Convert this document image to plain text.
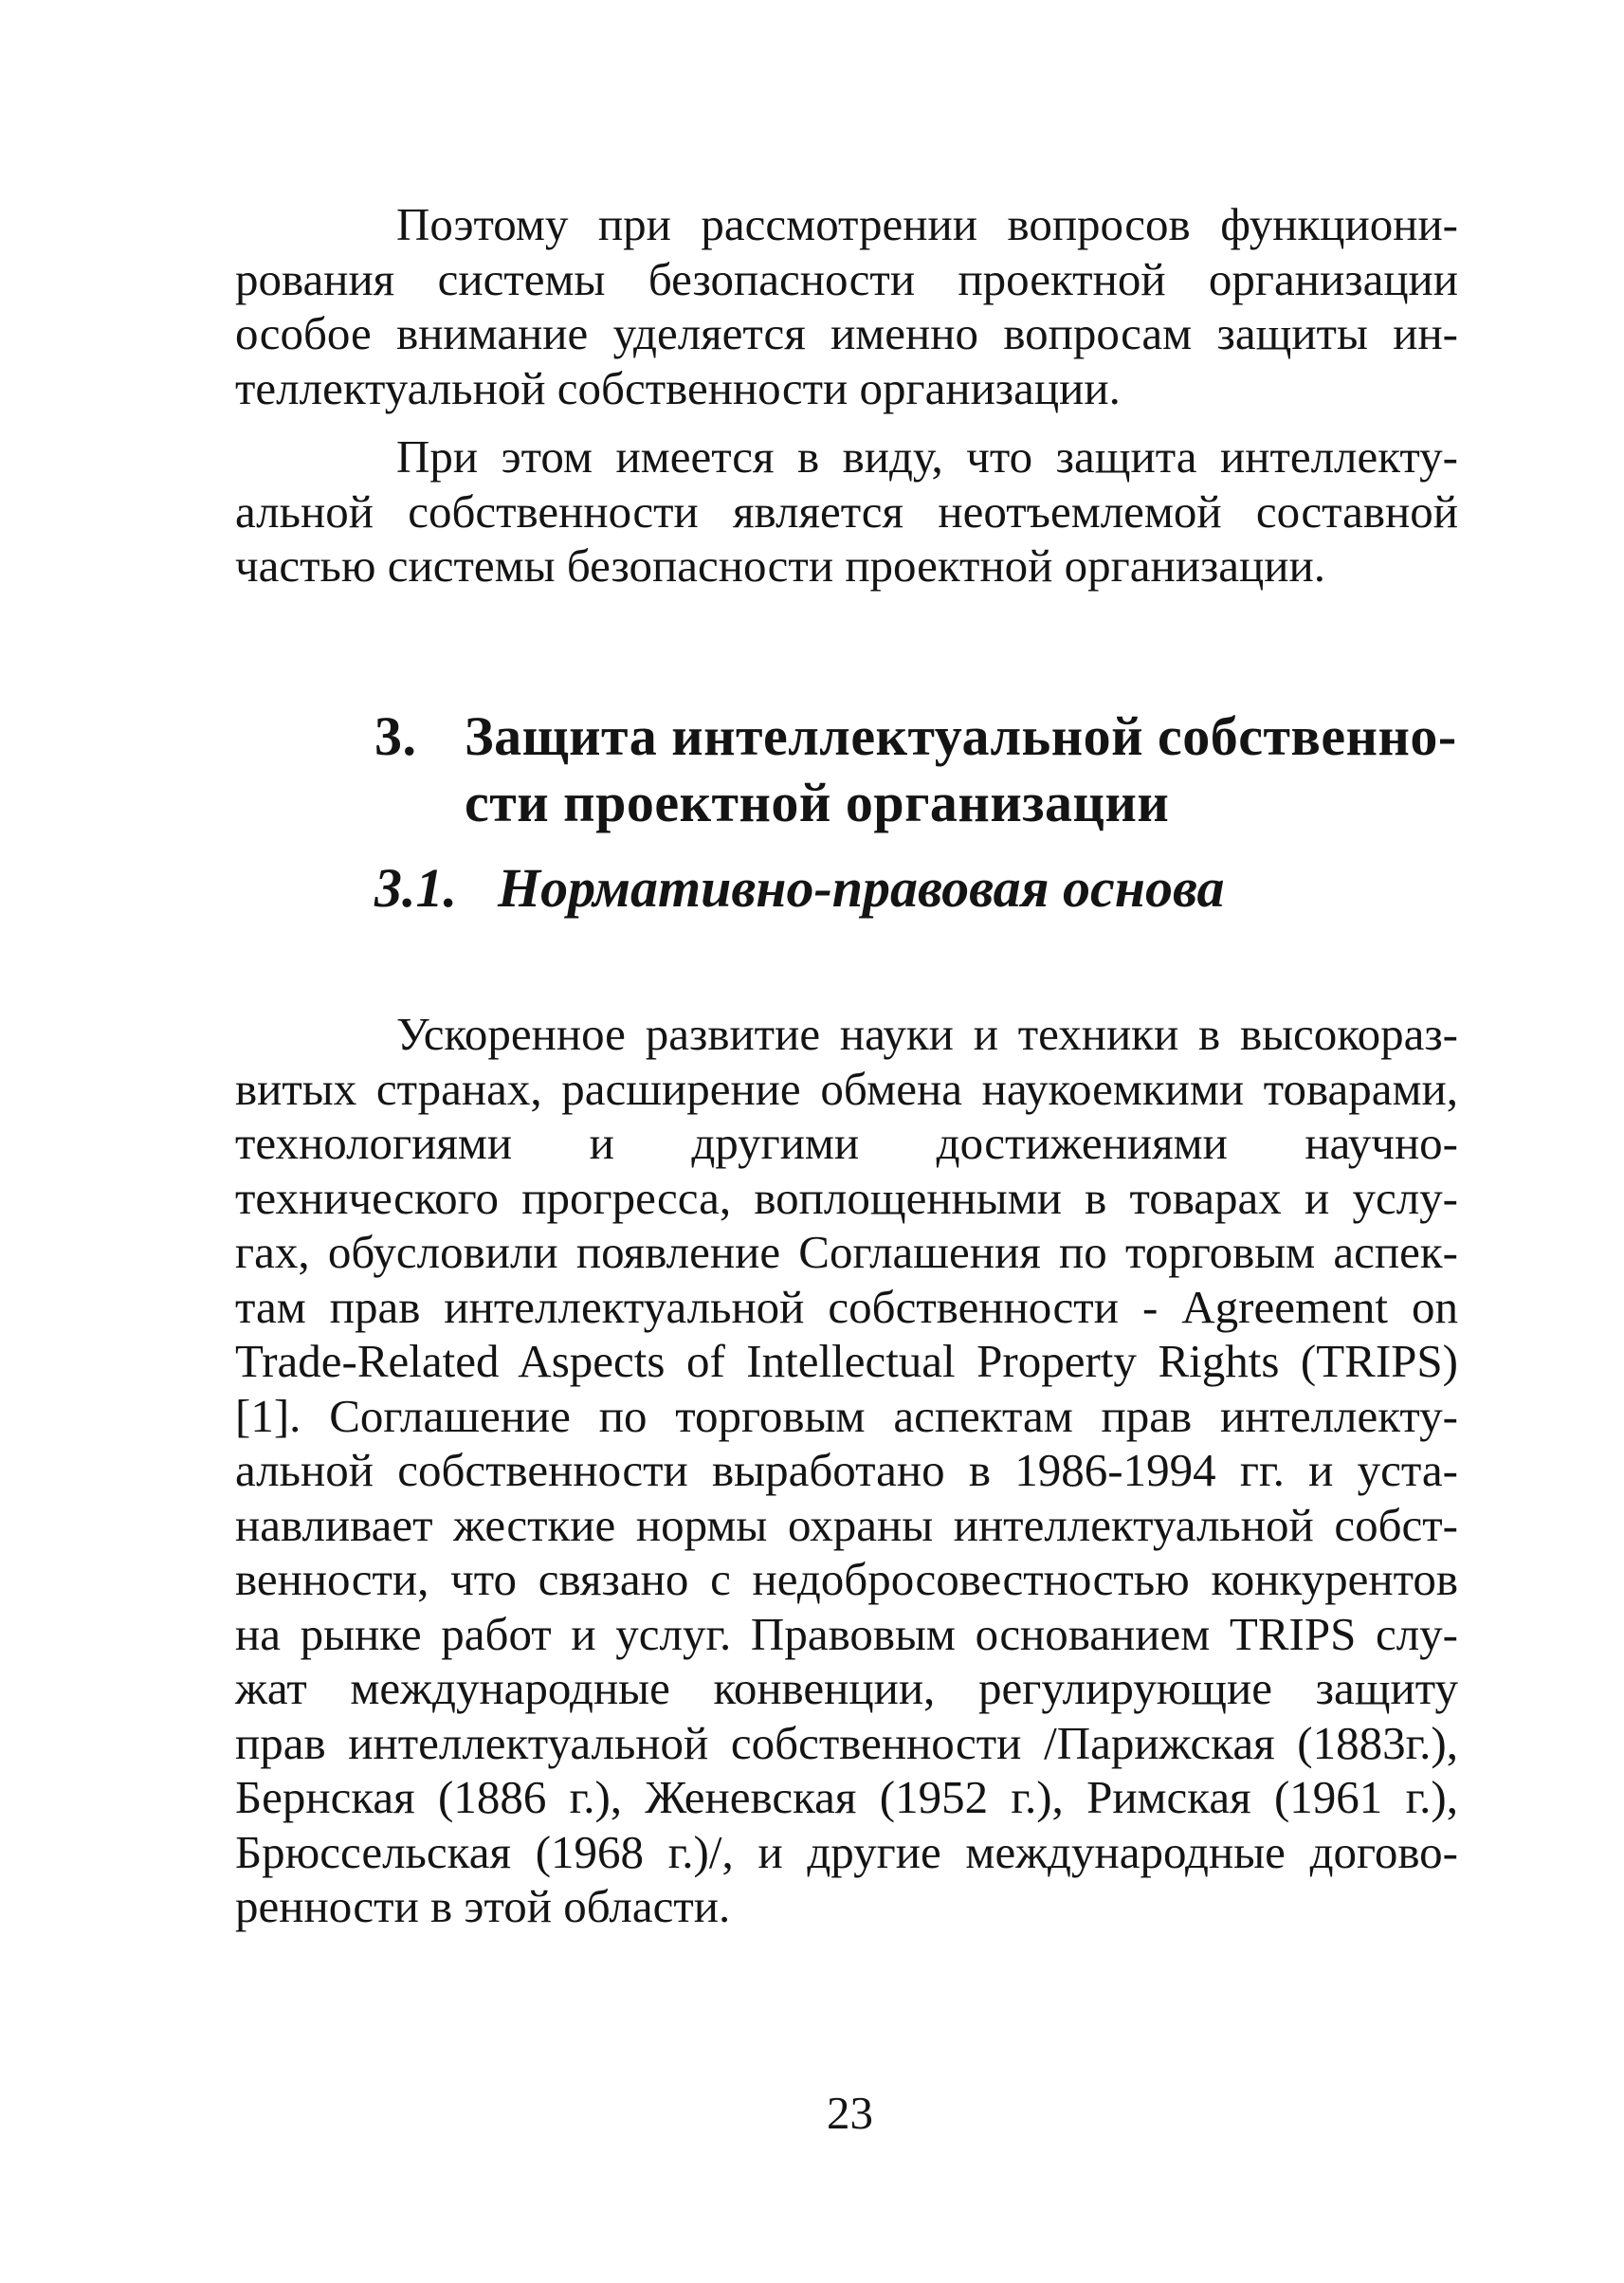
Поэтому при рассмотрении вопросов функциони-
рования системы безопасности проектной организации
особое внимание уделяется именно вопросам защиты ин-
теллектуальной собственности организации.
При этом имеется в виду, что защита интеллекту-
альной собственности является неотъемлемой составной
частью системы безопасности проектной организации.
3. Защита интеллектуальной собственно-
сти проектной организации
3.1. Нормативно-правовая основа
Ускоренное развитие науки и техники в высокораз-
витых странах, расширение обмена наукоемкими товарами,
технологиями и другими достижениями научно-
технического прогресса, воплощенными в товарах и услу-
гах, обусловили появление Соглашения по торговым аспек-
там прав интеллектуальной собственности - Agreement on
Trade-Related Aspects of Intellectual Property Rights (TRIPS)
[1]. Соглашение по торговым аспектам прав интеллекту-
альной собственности выработано в 1986-1994 гг. и уста-
навливает жесткие нормы охраны интеллектуальной собст-
венности, что связано с недобросовестностью конкурентов
на рынке работ и услуг. Правовым основанием TRIPS слу-
жат международные конвенции, регулирующие защиту
прав интеллектуальной собственности /Парижская (1883г.),
Бернская (1886 г.), Женевская (1952 г.), Римская (1961 г.),
Брюссельская (1968 г.)/, и другие международные догово-
ренности в этой области.
23
